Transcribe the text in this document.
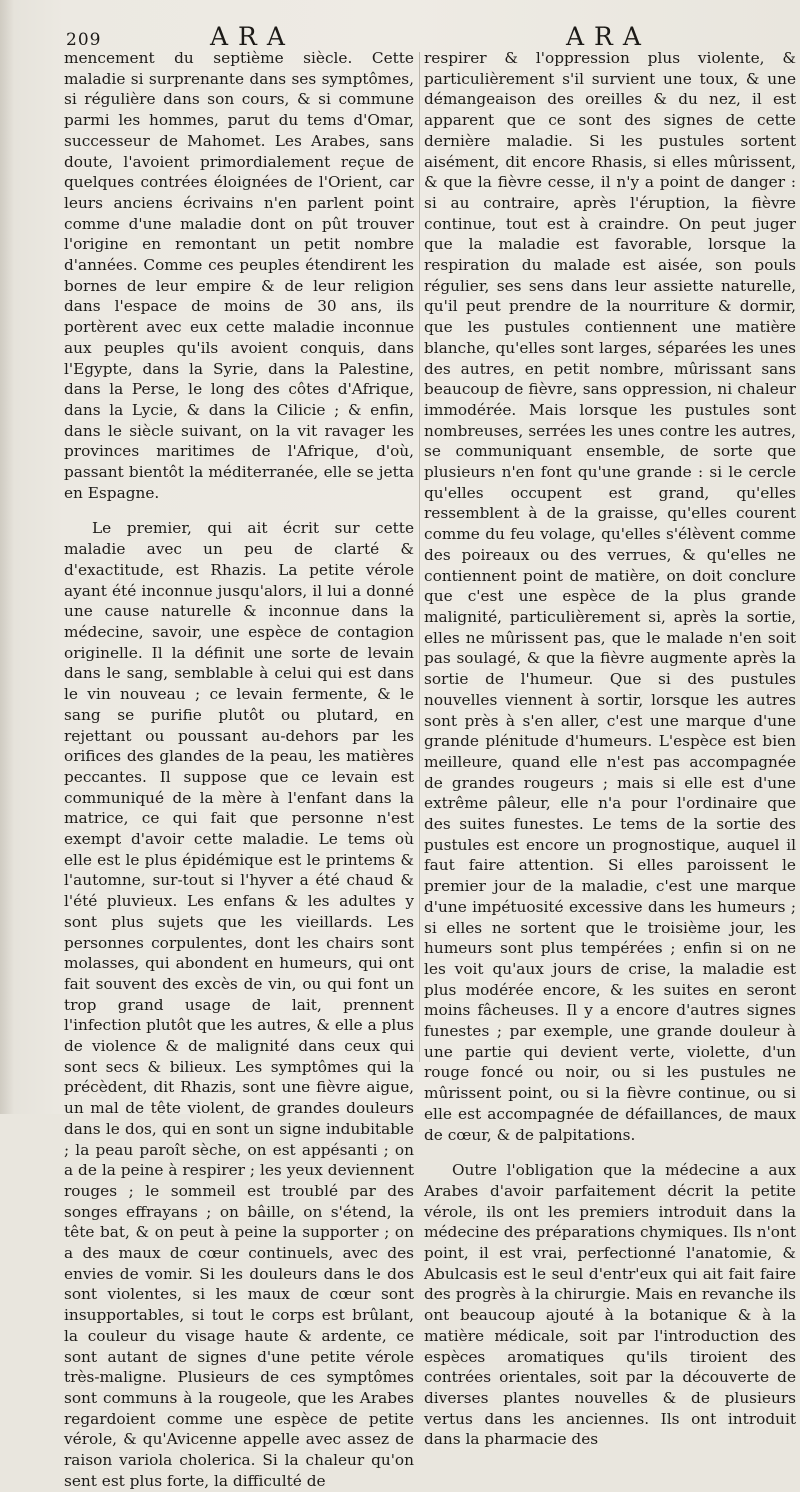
209	ARA	ARA

mencement du septième siècle. Cette maladie si surprenante dans ses symptômes, si régulière dans son cours, & si commune parmi les hommes, parut du tems d'Omar, successeur de Mahomet. Les Arabes, sans doute, l'avoient primordialement reçue de quelques contrées éloignées de l'Orient, car leurs anciens écrivains n'en parlent point comme d'une maladie dont on pût trouver l'origine en remontant un petit nombre d'années. Comme ces peuples étendirent les bornes de leur empire & de leur religion dans l'espace de moins de 30 ans, ils portèrent avec eux cette maladie inconnue aux peuples qu'ils avoient conquis, dans l'Egypte, dans la Syrie, dans la Palestine, dans la Perse, le long des côtes d'Afrique, dans la Lycie, & dans la Cilicie ; & enfin, dans le siècle suivant, on la vit ravager les provinces maritimes de l'Afrique, d'où, passant bientôt la méditerranée, elle se jetta en Espagne.

Le premier, qui ait écrit sur cette maladie avec un peu de clarté & d'exactitude, est Rhazis. La petite vérole ayant été inconnue jusqu'alors, il lui a donné une cause naturelle & inconnue dans la médecine, savoir, une espèce de contagion originelle. Il la définit une sorte de levain dans le sang, semblable à celui qui est dans le vin nouveau ; ce levain fermente, & le sang se purifie plutôt ou plutard, en rejettant ou poussant au-dehors par les orifices des glandes de la peau, les matières peccantes. Il suppose que ce levain est communiqué de la mère à l'enfant dans la matrice, ce qui fait que personne n'est exempt d'avoir cette maladie. Le tems où elle est le plus épidémique est le printems & l'automne, sur-tout si l'hyver a été chaud & l'été pluvieux. Les enfans & les adultes y sont plus sujets que les vieillards. Les personnes corpulentes, dont les chairs sont molasses, qui abondent en humeurs, qui ont fait souvent des excès de vin, ou qui font un trop grand usage de lait, prennent l'infection plutôt que les autres, & elle a plus de violence & de malignité dans ceux qui sont secs & bilieux. Les symptômes qui la précèdent, dit Rhazis, sont une fièvre aigue, un mal de tête violent, de grandes douleurs dans le dos, qui en sont un signe indubitable ; la peau paroît sèche, on est appésanti ; on a de la peine à respirer ; les yeux deviennent rouges ; le sommeil est troublé par des songes effrayans ; on bâille, on s'étend, la tête bat, & on peut à peine la supporter ; on a des maux de cœur continuels, avec des envies de vomir. Si les douleurs dans le dos sont violentes, si les maux de cœur sont insupportables, si tout le corps est brûlant, la couleur du visage haute & ardente, ce sont autant de signes d'une petite vérole très-maligne. Plusieurs de ces symptômes sont communs à la rougeole, que les Arabes regardoient comme une espèce de petite vérole, & qu'Avicenne appelle avec assez de raison variola cholerica. Si la chaleur qu'on sent est plus forte, la difficulté de

respirer & l'oppression plus violente, & particulièrement s'il survient une toux, & une démangeaison des oreilles & du nez, il est apparent que ce sont des signes de cette dernière maladie. Si les pustules sortent aisément, dit encore Rhasis, si elles mûrissent, & que la fièvre cesse, il n'y a point de danger : si au contraire, après l'éruption, la fièvre continue, tout est à craindre. On peut juger que la maladie est favorable, lorsque la respiration du malade est aisée, son pouls régulier, ses sens dans leur assiette naturelle, qu'il peut prendre de la nourriture & dormir, que les pustules contiennent une matière blanche, qu'elles sont larges, séparées les unes des autres, en petit nombre, mûrissant sans beaucoup de fièvre, sans oppression, ni chaleur immodérée. Mais lorsque les pustules sont nombreuses, serrées les unes contre les autres, se communiquant ensemble, de sorte que plusieurs n'en font qu'une grande : si le cercle qu'elles occupent est grand, qu'elles ressemblent à de la graisse, qu'elles courent comme du feu volage, qu'elles s'élèvent comme des poireaux ou des verrues, & qu'elles ne contiennent point de matière, on doit conclure que c'est une espèce de la plus grande malignité, particulièrement si, après la sortie, elles ne mûrissent pas, que le malade n'en soit pas soulagé, & que la fièvre augmente après la sortie de l'humeur. Que si des pustules nouvelles viennent à sortir, lorsque les autres sont près à s'en aller, c'est une marque d'une grande plénitude d'humeurs. L'espèce est bien meilleure, quand elle n'est pas accompagnée de grandes rougeurs ; mais si elle est d'une extrême pâleur, elle n'a pour l'ordinaire que des suites funestes. Le tems de la sortie des pustules est encore un prognostique, auquel il faut faire attention. Si elles paroissent le premier jour de la maladie, c'est une marque d'une impétuosité excessive dans les humeurs ; si elles ne sortent que le troisième jour, les humeurs sont plus tempérées ; enfin si on ne les voit qu'aux jours de crise, la maladie est plus modérée encore, & les suites en seront moins fâcheuses. Il y a encore d'autres signes funestes ; par exemple, une grande douleur à une partie qui devient verte, violette, d'un rouge foncé ou noir, ou si les pustules ne mûrissent point, ou si la fièvre continue, ou si elle est accompagnée de défaillances, de maux de cœur, & de palpitations.

Outre l'obligation que la médecine a aux Arabes d'avoir parfaitement décrit la petite vérole, ils ont les premiers introduit dans la médecine des préparations chymiques. Ils n'ont point, il est vrai, perfectionné l'anatomie, & Abulcasis est le seul d'entr'eux qui ait fait faire des progrès à la chirurgie. Mais en revanche ils ont beaucoup ajouté à la botanique & à la matière médicale, soit par l'introduction des espèces aromatiques qu'ils tiroient des contrées orientales, soit par la découverte de diverses plantes nouvelles & de plusieurs vertus dans les anciennes. Ils ont introduit dans la pharmacie des
